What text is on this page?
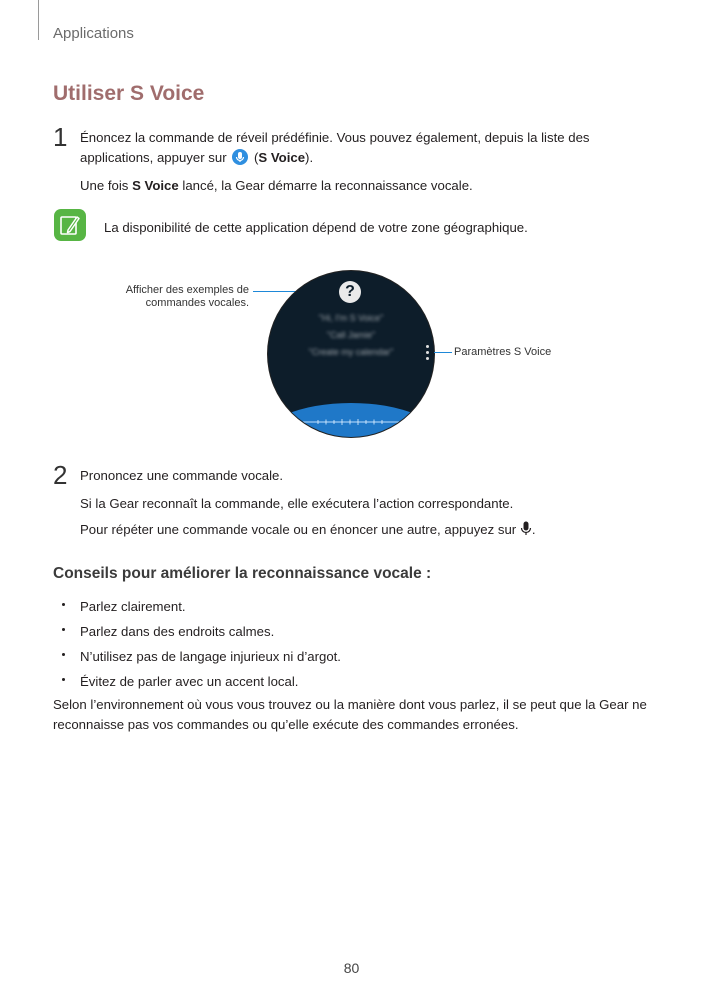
Applications
Utiliser S Voice
1 Énoncez la commande de réveil prédéfinie. Vous pouvez également, depuis la liste des
applications, appuyer sur (S Voice).
Une fois S Voice lancé, la Gear démarre la reconnaissance vocale.
La disponibilité de cette application dépend de votre zone géographique.
Afficher des exemples de
commandes vocales.
?
"Hi, I'm S Voice"
"Call Jamie"
"Create my calendar"	Paramètres S Voice
2 Prononcez une commande vocale.
Si la Gear reconnaît la commande, elle exécutera l’action correspondante.
Pour répéter une commande vocale ou en énoncer une autre, appuyez sur .
Conseils pour améliorer la reconnaissance vocale :
Parlez clairement.
Parlez dans des endroits calmes.
N’utilisez pas de langage injurieux ni d’argot.
Évitez de parler avec un accent local.
Selon l’environnement où vous vous trouvez ou la manière dont vous parlez, il se peut que la Gear ne
reconnaisse pas vos commandes ou qu’elle exécute des commandes erronées.
80
